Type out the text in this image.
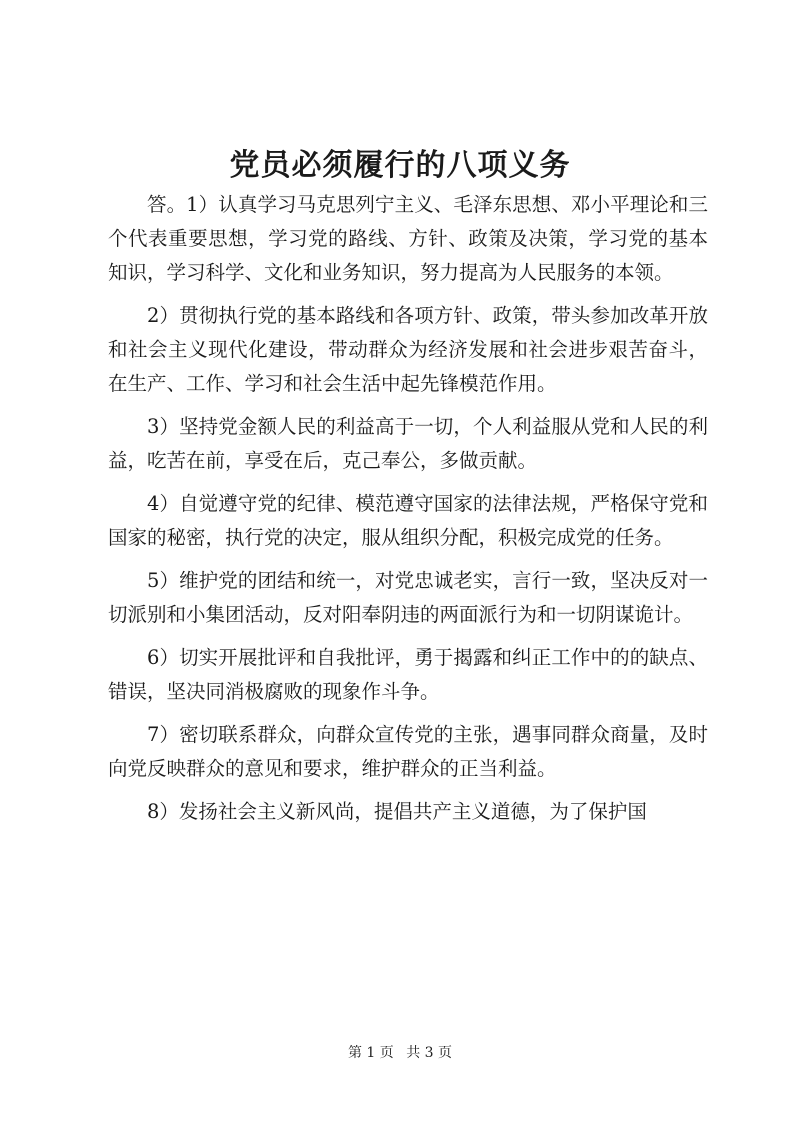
党员必须履行的八项义务

答。1）认真学习马克思列宁主义、毛泽东思想、邓小平理论和三个代表重要思想，学习党的路线、方针、政策及决策，学习党的基本知识，学习科学、文化和业务知识，努力提高为人民服务的本领。

2）贯彻执行党的基本路线和各项方针、政策，带头参加改革开放和社会主义现代化建设，带动群众为经济发展和社会进步艰苦奋斗，在生产、工作、学习和社会生活中起先锋模范作用。

3）坚持党金额人民的利益高于一切，个人利益服从党和人民的利益，吃苦在前，享受在后，克己奉公，多做贡献。

4）自觉遵守党的纪律、模范遵守国家的法律法规，严格保守党和国家的秘密，执行党的决定，服从组织分配，积极完成党的任务。

5）维护党的团结和统一，对党忠诚老实，言行一致，坚决反对一切派别和小集团活动，反对阳奉阴违的两面派行为和一切阴谋诡计。

6）切实开展批评和自我批评，勇于揭露和纠正工作中的的缺点、错误，坚决同消极腐败的现象作斗争。

7）密切联系群众，向群众宣传党的主张，遇事同群众商量，及时向党反映群众的意见和要求，维护群众的正当利益。

8）发扬社会主义新风尚，提倡共产主义道德，为了保护国

第 1 页 共 3 页
